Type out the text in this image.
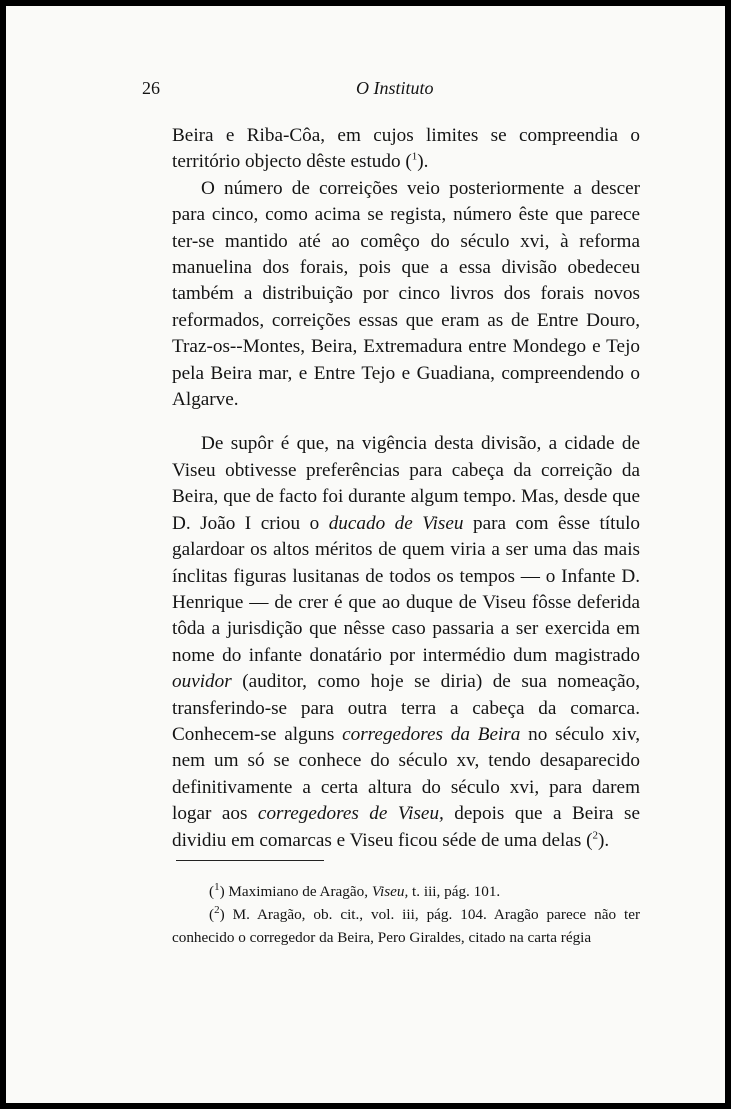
26	O Instituto

Beira e Riba-Côa, em cujos limites se compreendia o território objecto dêste estudo ($^1$).

O número de correições veio posteriormente a descer para cinco, como acima se regista, número êste que parece ter-se mantido até ao comêço do século xvi, à reforma manuelina dos forais, pois que a essa divisão obedeceu também a distribuição por cinco livros dos forais novos reformados, correições essas que eram as de Entre Douro, Traz-os--Montes, Beira, Extremadura entre Mondego e Tejo pela Beira mar, e Entre Tejo e Guadiana, compreendendo o Algarve.

De supôr é que, na vigência desta divisão, a cidade de Viseu obtivesse preferências para cabeça da correição da Beira, que de facto foi durante algum tempo. Mas, desde que D. João I criou o ducado de Viseu para com êsse título galardoar os altos méritos de quem viria a ser uma das mais ínclitas figuras lusitanas de todos os tempos — o Infante D. Henrique — de crer é que ao duque de Viseu fôsse deferida tôda a jurisdição que nêsse caso passaria a ser exercida em nome do infante donatário por intermédio dum magistrado ouvidor (auditor, como hoje se diria) de sua nomeação, transferindo-se para outra terra a cabeça da comarca. Conhecem-se alguns corregedores da Beira no século xiv, nem um só se conhece do século xv, tendo desaparecido definitivamente a certa altura do século xvi, para darem logar aos corregedores de Viseu, depois que a Beira se dividiu em comarcas e Viseu ficou séde de uma delas ($^2$).

($^1$) Maximiano de Aragão, Viseu, t. iii, pág. 101.

($^2$) M. Aragão, ob. cit., vol. iii, pág. 104. Aragão parece não ter conhecido o corregedor da Beira, Pero Giraldes, citado na carta régia
